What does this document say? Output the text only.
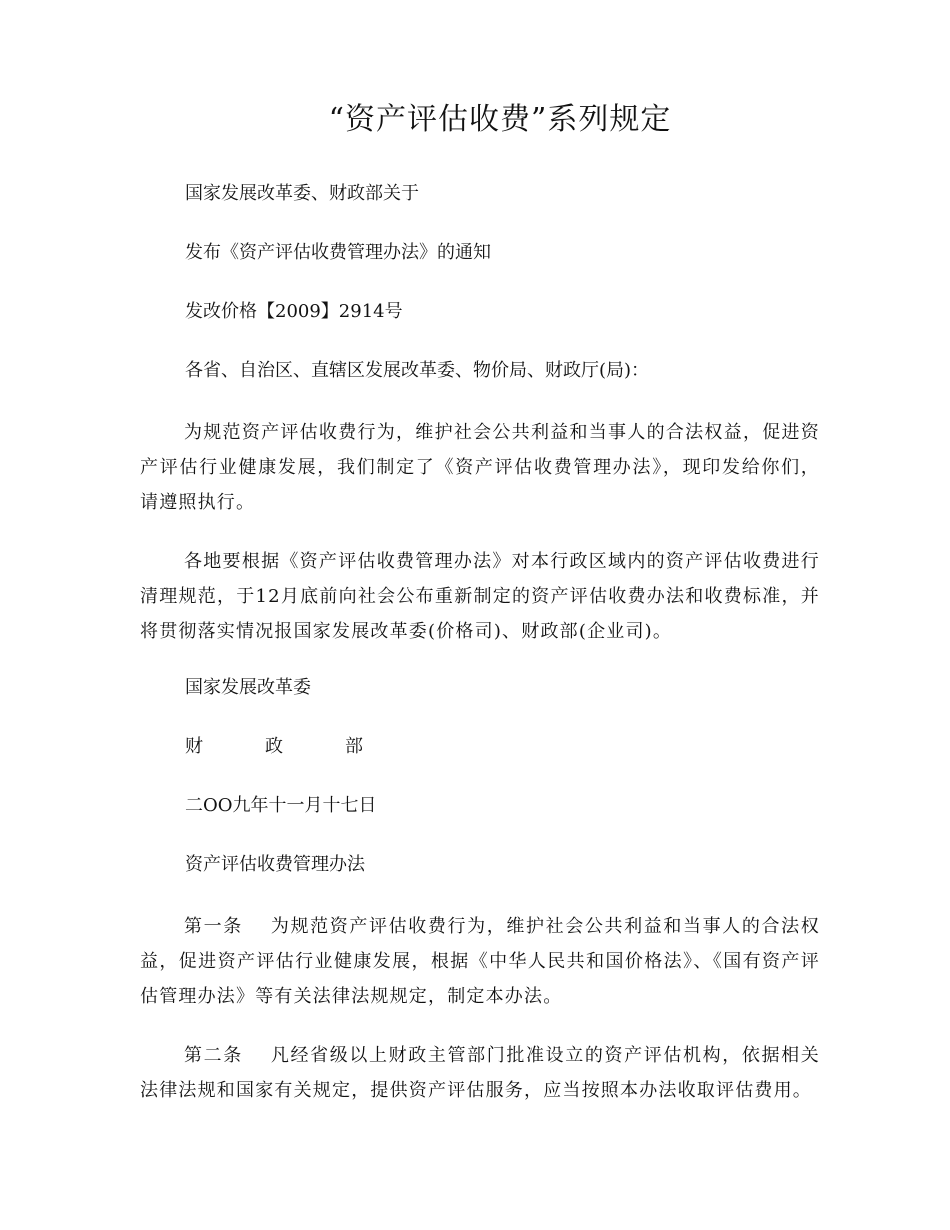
“资产评估收费”系列规定
国家发展改革委、财政部关于
发布《资产评估收费管理办法》的通知
发改价格【2009】2914号
各省、自治区、直辖区发展改革委、物价局、财政厅(局)：
为规范资产评估收费行为，维护社会公共利益和当事人的合法权益，促进资产评估行业健康发展，我们制定了《资产评估收费管理办法》，现印发给你们，请遵照执行。
各地要根据《资产评估收费管理办法》对本行政区域内的资产评估收费进行清理规范，于12月底前向社会公布重新制定的资产评估收费办法和收费标准，并将贯彻落实情况报国家发展改革委(价格司)、财政部(企业司)。
国家发展改革委
财	政	部
二OO九年十一月十七日
资产评估收费管理办法
第一条 为规范资产评估收费行为，维护社会公共利益和当事人的合法权益，促进资产评估行业健康发展，根据《中华人民共和国价格法》、《国有资产评估管理办法》等有关法律法规规定，制定本办法。
第二条 凡经省级以上财政主管部门批准设立的资产评估机构，依据相关法律法规和国家有关规定，提供资产评估服务，应当按照本办法收取评估费用。
